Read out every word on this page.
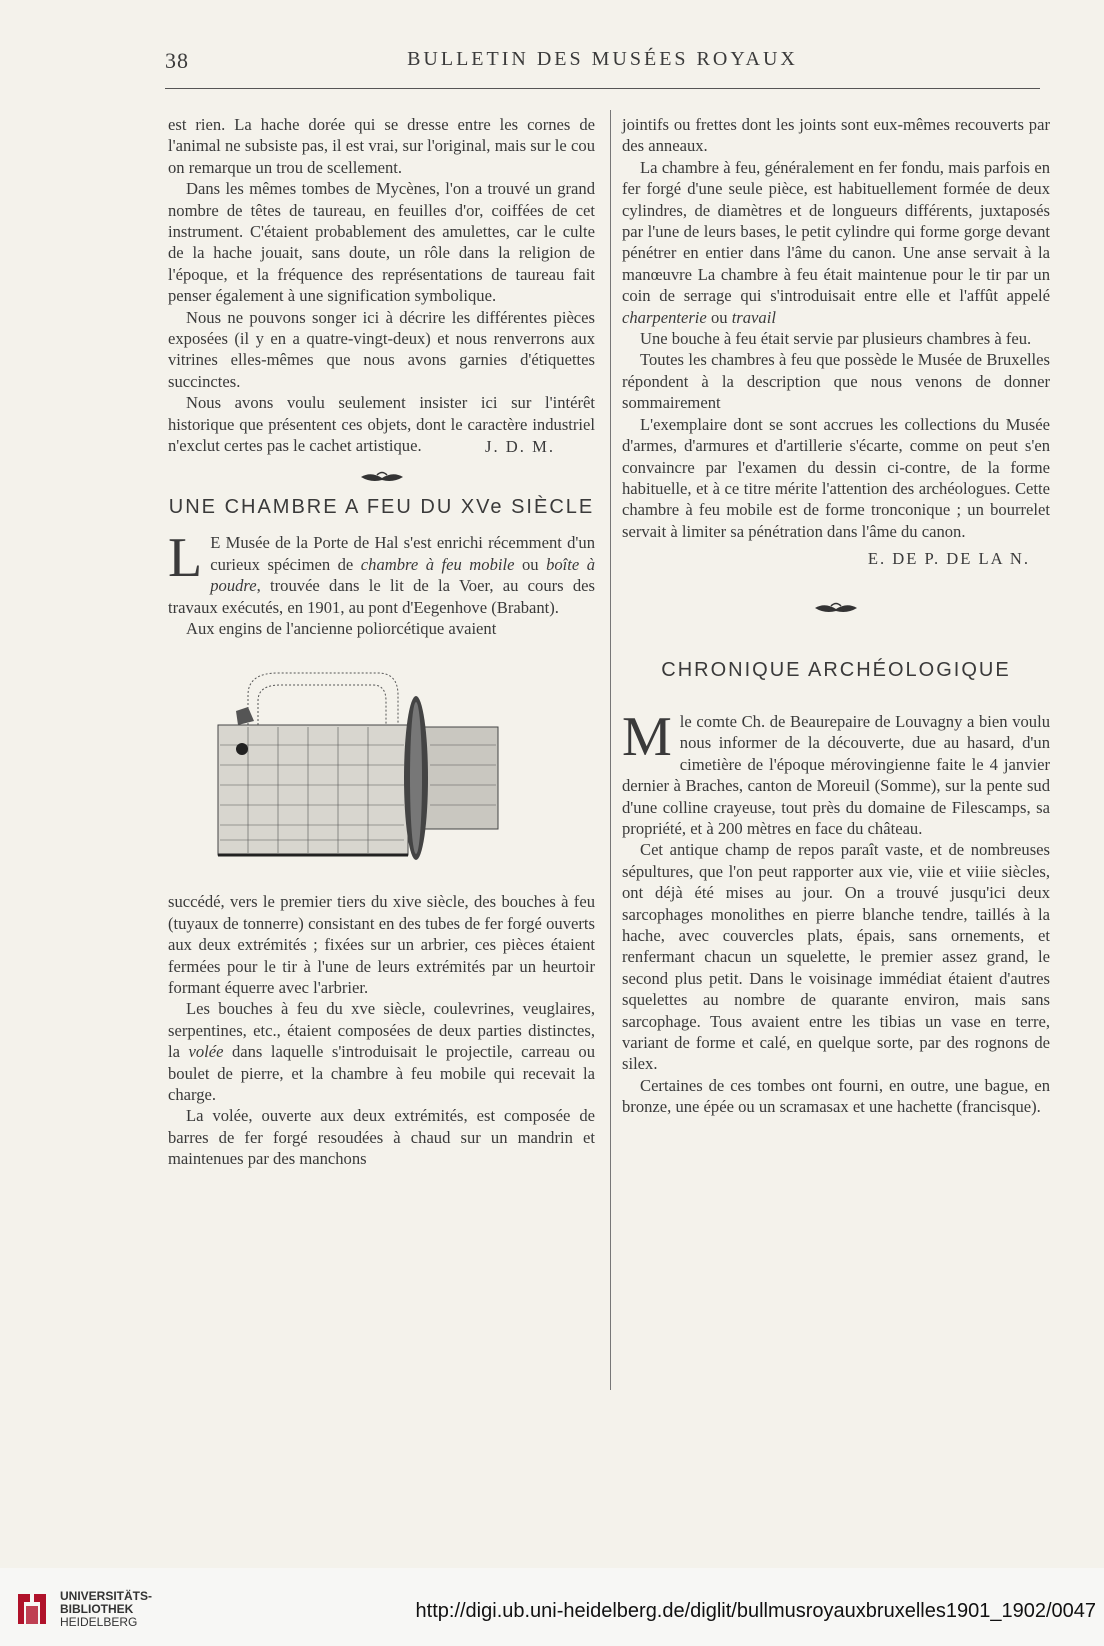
38	BULLETIN DES MUSÉES ROYAUX

est rien. La hache dorée qui se dresse entre les cornes de l'animal ne subsiste pas, il est vrai, sur l'original, mais sur le cou on remarque un trou de scellement.

Dans les mêmes tombes de Mycènes, l'on a trouvé un grand nombre de têtes de taureau, en feuilles d'or, coiffées de cet instrument. C'étaient probablement des amulettes, car le culte de la hache jouait, sans doute, un rôle dans la religion de l'époque, et la fréquence des représentations de taureau fait penser également à une signification symbolique.

Nous ne pouvons songer ici à décrire les différentes pièces exposées (il y en a quatre-vingt-deux) et nous renverrons aux vitrines elles-mêmes que nous avons garnies d'étiquettes succinctes.

Nous avons voulu seulement insister ici sur l'intérêt historique que présentent ces objets, dont le caractère industriel n'exclut certes pas le cachet artistique.	J. D. M.
UNE CHAMBRE A FEU DU XVe SIÈCLE

L E Musée de la Porte de Hal s'est enrichi récemment d'un curieux spécimen de chambre à feu mobile ou boîte à poudre, trouvée dans le lit de la Voer, au cours des travaux exécutés, en 1901, au pont d'Eegenhove (Brabant).

Aux engins de l'ancienne poliorcétique avaient

succédé, vers le premier tiers du xive siècle, des bouches à feu (tuyaux de tonnerre) consistant en des tubes de fer forgé ouverts aux deux extrémités ; fixées sur un arbrier, ces pièces étaient fermées pour le tir à l'une de leurs extrémités par un heurtoir formant équerre avec l'arbrier.

Les bouches à feu du xve siècle, coulevrines, veuglaires, serpentines, etc., étaient composées de deux parties distinctes, la volée dans laquelle s'introduisait le projectile, carreau ou boulet de pierre, et la chambre à feu mobile qui recevait la charge.

La volée, ouverte aux deux extrémités, est composée de barres de fer forgé resoudées à chaud sur un mandrin et maintenues par des manchons

jointifs ou frettes dont les joints sont eux-mêmes recouverts par des anneaux.

La chambre à feu, généralement en fer fondu, mais parfois en fer forgé d'une seule pièce, est habituellement formée de deux cylindres, de diamètres et de longueurs différents, juxtaposés par l'une de leurs bases, le petit cylindre qui forme gorge devant pénétrer en entier dans l'âme du canon. Une anse servait à la manœuvre La chambre à feu était maintenue pour le tir par un coin de serrage qui s'introduisait entre elle et l'affût appelé charpenterie ou travail

Une bouche à feu était servie par plusieurs chambres à feu.

Toutes les chambres à feu que possède le Musée de Bruxelles répondent à la description que nous venons de donner sommairement

L'exemplaire dont se sont accrues les collections du Musée d'armes, d'armures et d'artillerie s'écarte, comme on peut s'en convaincre par l'examen du dessin ci-contre, de la forme habituelle, et à ce titre mérite l'attention des archéologues. Cette chambre à feu mobile est de forme tronconique ; un bourrelet servait à limiter sa pénétration dans l'âme du canon.

E. DE P. DE LA N.
CHRONIQUE ARCHÉOLOGIQUE

Mle comte Ch. de Beaurepaire de Louvagny a bien voulu nous informer de la découverte, due au hasard, d'un cimetière de l'époque mérovingienne faite le 4 janvier dernier à Braches, canton de Moreuil (Somme), sur la pente sud d'une colline crayeuse, tout près du domaine de Filescamps, sa propriété, et à 200 mètres en face du château.

Cet antique champ de repos paraît vaste, et de nombreuses sépultures, que l'on peut rapporter aux vie, viie et viiie siècles, ont déjà été mises au jour. On a trouvé jusqu'ici deux sarcophages monolithes en pierre blanche tendre, taillés à la hache, avec couvercles plats, épais, sans ornements, et renfermant chacun un squelette, le premier assez grand, le second plus petit. Dans le voisinage immédiat étaient d'autres squelettes au nombre de quarante environ, mais sans sarcophage. Tous avaient entre les tibias un vase en terre, variant de forme et calé, en quelque sorte, par des rognons de silex.

Certaines de ces tombes ont fourni, en outre, une bague, en bronze, une épée ou un scramasax et une hachette (francisque).

UNIVERSITÄTS-
BIBLIOTHEK
HEIDELBERG	http://digi.ub.uni-heidelberg.de/diglit/bullmusroyauxbruxelles1901_1902/0047
